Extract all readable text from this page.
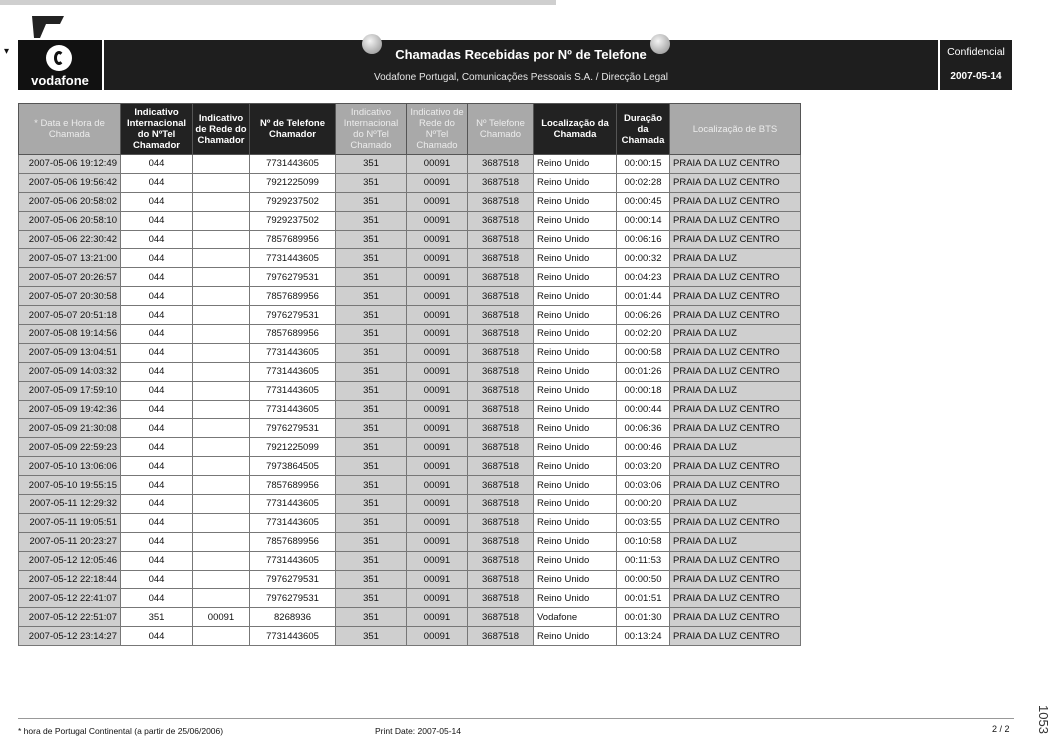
▾
vodafone
Chamadas Recebidas por Nº de Telefone
Vodafone Portugal, Comunicações Pessoais S.A. / Direcção Legal
Confidencial
2007-05-14
* Data e Hora de Chamada	Indicativo Internacional do NºTel Chamador	Indicativo de Rede do Chamador	Nº de Telefone Chamador	Indicativo Internacional do NºTel Chamado	Indicativo de Rede do NºTel Chamado	Nº Telefone Chamado	Localização da Chamada	Duração da Chamada	Localização de BTS
2007-05-06 19:12:49	044		7731443605	351	00091	3687518	Reino Unido	00:00:15	PRAIA DA LUZ CENTRO
2007-05-06 19:56:42	044		7921225099	351	00091	3687518	Reino Unido	00:02:28	PRAIA DA LUZ CENTRO
2007-05-06 20:58:02	044		7929237502	351	00091	3687518	Reino Unido	00:00:45	PRAIA DA LUZ CENTRO
2007-05-06 20:58:10	044		7929237502	351	00091	3687518	Reino Unido	00:00:14	PRAIA DA LUZ CENTRO
2007-05-06 22:30:42	044		7857689956	351	00091	3687518	Reino Unido	00:06:16	PRAIA DA LUZ CENTRO
2007-05-07 13:21:00	044		7731443605	351	00091	3687518	Reino Unido	00:00:32	PRAIA DA LUZ
2007-05-07 20:26:57	044		7976279531	351	00091	3687518	Reino Unido	00:04:23	PRAIA DA LUZ CENTRO
2007-05-07 20:30:58	044		7857689956	351	00091	3687518	Reino Unido	00:01:44	PRAIA DA LUZ CENTRO
2007-05-07 20:51:18	044		7976279531	351	00091	3687518	Reino Unido	00:06:26	PRAIA DA LUZ CENTRO
2007-05-08 19:14:56	044		7857689956	351	00091	3687518	Reino Unido	00:02:20	PRAIA DA LUZ
2007-05-09 13:04:51	044		7731443605	351	00091	3687518	Reino Unido	00:00:58	PRAIA DA LUZ CENTRO
2007-05-09 14:03:32	044		7731443605	351	00091	3687518	Reino Unido	00:01:26	PRAIA DA LUZ CENTRO
2007-05-09 17:59:10	044		7731443605	351	00091	3687518	Reino Unido	00:00:18	PRAIA DA LUZ
2007-05-09 19:42:36	044		7731443605	351	00091	3687518	Reino Unido	00:00:44	PRAIA DA LUZ CENTRO
2007-05-09 21:30:08	044		7976279531	351	00091	3687518	Reino Unido	00:06:36	PRAIA DA LUZ CENTRO
2007-05-09 22:59:23	044		7921225099	351	00091	3687518	Reino Unido	00:00:46	PRAIA DA LUZ
2007-05-10 13:06:06	044		7973864505	351	00091	3687518	Reino Unido	00:03:20	PRAIA DA LUZ CENTRO
2007-05-10 19:55:15	044		7857689956	351	00091	3687518	Reino Unido	00:03:06	PRAIA DA LUZ CENTRO
2007-05-11 12:29:32	044		7731443605	351	00091	3687518	Reino Unido	00:00:20	PRAIA DA LUZ
2007-05-11 19:05:51	044		7731443605	351	00091	3687518	Reino Unido	00:03:55	PRAIA DA LUZ CENTRO
2007-05-11 20:23:27	044		7857689956	351	00091	3687518	Reino Unido	00:10:58	PRAIA DA LUZ
2007-05-12 12:05:46	044		7731443605	351	00091	3687518	Reino Unido	00:11:53	PRAIA DA LUZ CENTRO
2007-05-12 22:18:44	044		7976279531	351	00091	3687518	Reino Unido	00:00:50	PRAIA DA LUZ CENTRO
2007-05-12 22:41:07	044		7976279531	351	00091	3687518	Reino Unido	00:01:51	PRAIA DA LUZ CENTRO
2007-05-12 22:51:07	351	00091	8268936	351	00091	3687518	Vodafone	00:01:30	PRAIA DA LUZ CENTRO
2007-05-12 23:14:27	044		7731443605	351	00091	3687518	Reino Unido	00:13:24	PRAIA DA LUZ CENTRO
* hora de Portugal Continental (a partir de 25/06/2006)	Print Date: 2007-05-14	2 / 2	1053
